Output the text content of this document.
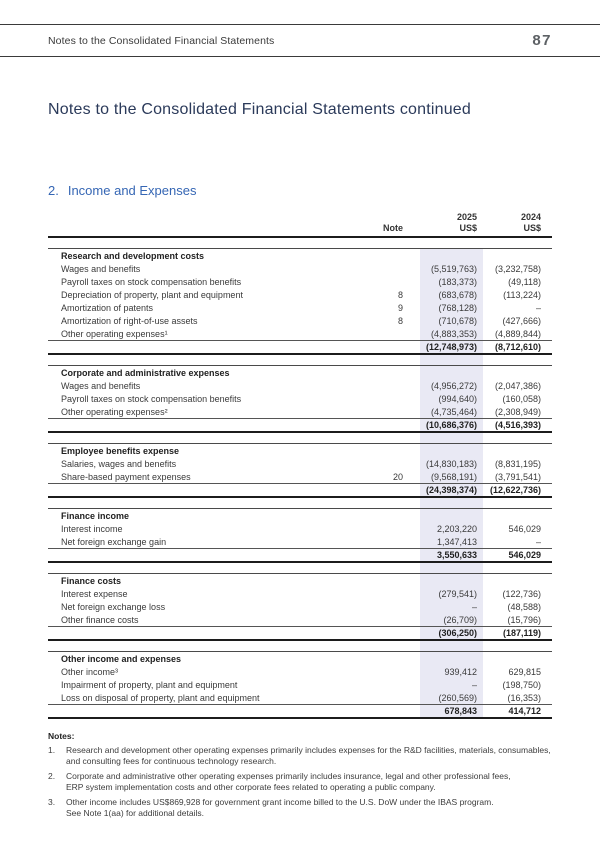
Notes to the Consolidated Financial Statements	87
Notes to the Consolidated Financial Statements continued
2. Income and Expenses
Note
2025
US$
2024
US$
Research and development costs
Wages and benefits	(5,519,763)	(3,232,758)
Payroll taxes on stock compensation benefits	(183,373)	(49,118)
Depreciation of property, plant and equipment	8	(683,678)	(113,224)
Amortization of patents	9	(768,128)	–
Amortization of right-of-use assets	8	(710,678)	(427,666)
Other operating expenses¹	(4,883,353)	(4,889,844)
(12,748,973)	(8,712,610)
Corporate and administrative expenses
Wages and benefits	(4,956,272)	(2,047,386)
Payroll taxes on stock compensation benefits	(994,640)	(160,058)
Other operating expenses²	(4,735,464)	(2,308,949)
(10,686,376)	(4,516,393)
Employee benefits expense
Salaries, wages and benefits	(14,830,183)	(8,831,195)
Share-based payment expenses	20	(9,568,191)	(3,791,541)
(24,398,374)	(12,622,736)
Finance income
Interest income	2,203,220	546,029
Net foreign exchange gain	1,347,413	–
3,550,633	546,029
Finance costs
Interest expense	(279,541)	(122,736)
Net foreign exchange loss	–	(48,588)
Other finance costs	(26,709)	(15,796)
(306,250)	(187,119)
Other income and expenses
Other income³	939,412	629,815
Impairment of property, plant and equipment	–	(198,750)
Loss on disposal of property, plant and equipment	(260,569)	(16,353)
678,843	414,712
Notes:
1.	Research and development other operating expenses primarily includes expenses for the R&D facilities, materials, consumables,
and consulting fees for continuous technology research.
2.	Corporate and administrative other operating expenses primarily includes insurance, legal and other professional fees,
ERP system implementation costs and other corporate fees related to operating a public company.
3.	Other income includes US$869,928 for government grant income billed to the U.S. DoW under the IBAS program.
See Note 1(aa) for additional details.
